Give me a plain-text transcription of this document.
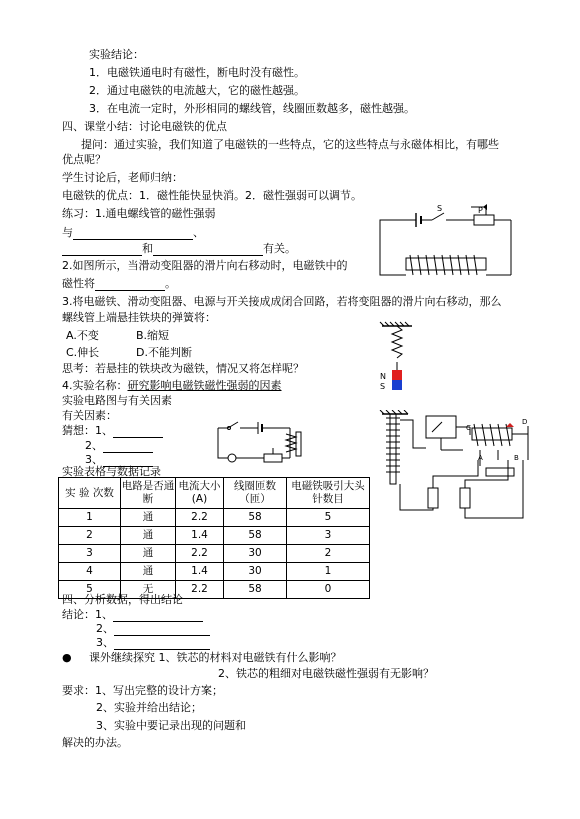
实验结论：
1．电磁铁通电时有磁性，断电时没有磁性。
2．通过电磁铁的电流越大，它的磁性越强。
3．在电流一定时，外形相同的螺线管，线圈匝数越多，磁性越强。
四、课堂小结：讨论电磁铁的优点
提问：通过实验，我们知道了电磁铁的一些特点，它的这些特点与永磁体相比，有哪些
优点呢？
学生讨论后，老师归纳：
电磁铁的优点：1．磁性能快显快消。2．磁性强弱可以调节。
练习：1.通电螺线管的磁性强弱
与	、
和	有关。
2.如图所示，当滑动变阻器的滑片向右移动时，电磁铁中的
磁性将	。
3.将电磁铁、滑动变阻器、电源与开关接成成闭合回路，若将变阻器的滑片向右移动，那么
螺线管上端悬挂铁块的弹簧将：
A.不变	B.缩短
C.伸长	D.不能判断
思考：若悬挂的铁块改为磁铁，情况又将怎样呢？
4.实验名称：研究影响电磁铁磁性强弱的因素
实验电路图与有关因素
有关因素：
猜想：1、
2、
3、
实验表格与数据记录
实 验 次数	电路是否通断	电流大小(A)	线圈匝数（匝）	电磁铁吸引大头针数目
1	通	2.2	58	5
2	通	1.4	58	3
3	通	2.2	30	2
4	通	1.4	30	1
5	无	2.2	58	0
四、分析数据，得出结论
结论：1、
2、
3、
● 课外继续探究 1、铁芯的材料对电磁铁有什么影响？
2、铁芯的粗细对电磁铁磁性强弱有无影响？
要求：1、写出完整的设计方案；
2、实验并给出结论；
3、实验中要记录出现的问题和
解决的办法。
S	P
N
S
C
D
A	B
